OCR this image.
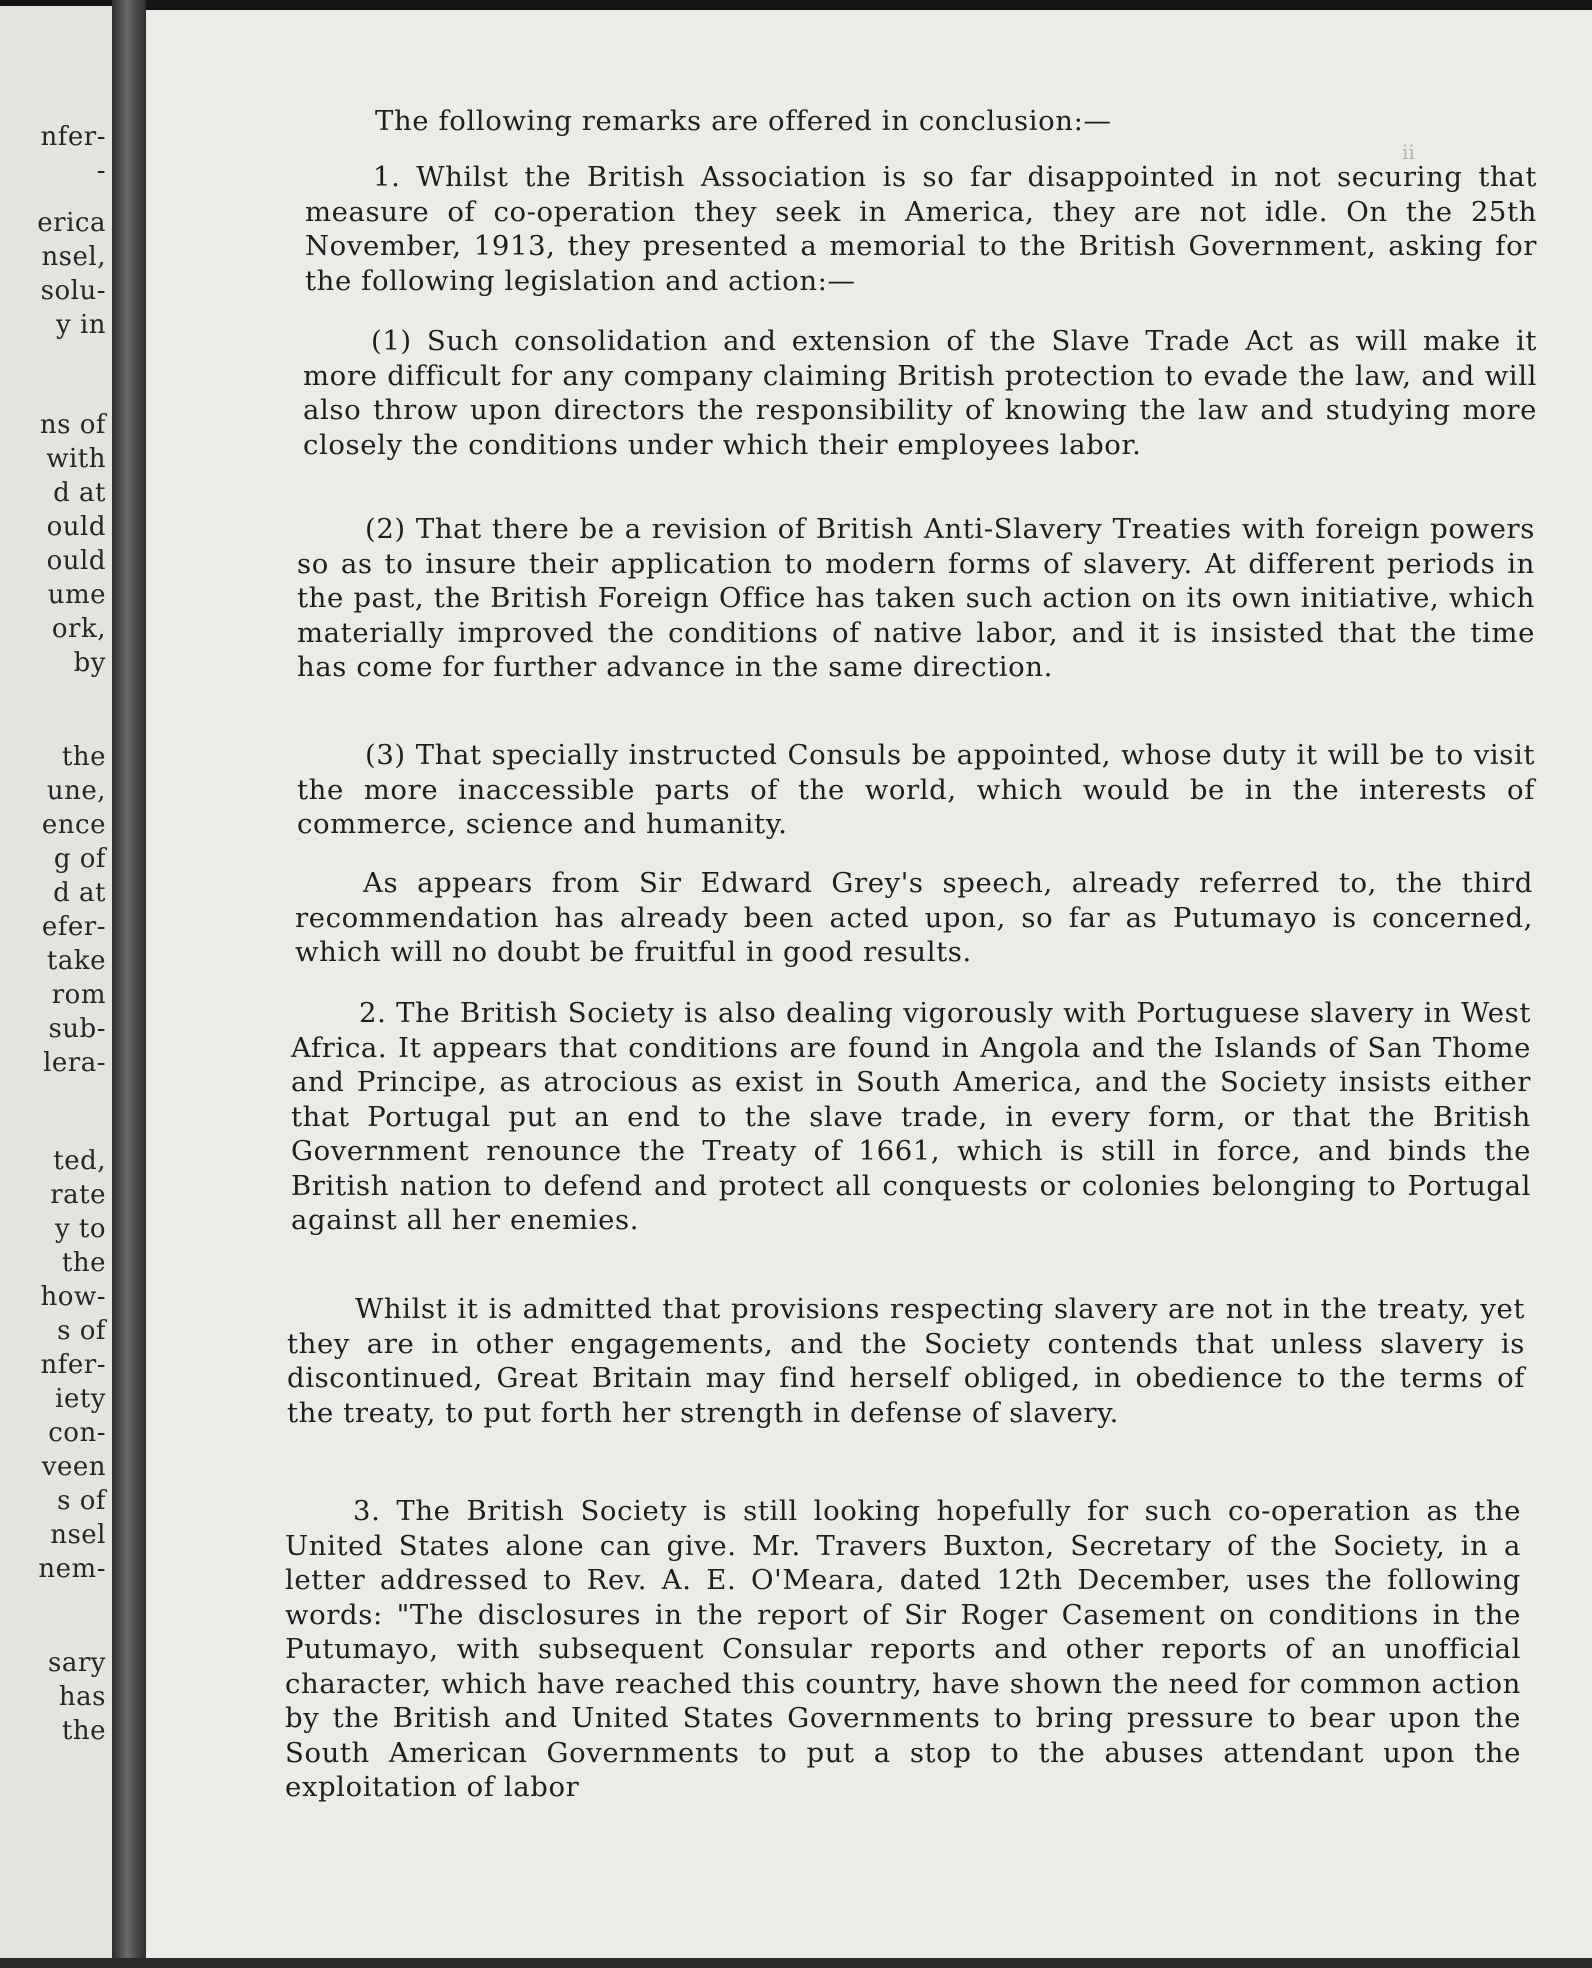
nfer-
-
erica
nsel,
solu-
y in
ns of
with
d at
ould
ould
ume
ork,
by
the
une,
ence
g of
d at
efer-
take
rom
sub-
lera-
ted,
rate
y to
the
how-
s of
nfer-
iety
con-
veen
s of
nsel
nem-
sary
has
the
ii

The following remarks are offered in conclusion:—

1. Whilst the British Association is so far disappointed in not securing that measure of co-operation they seek in America, they are not idle. On the 25th November, 1913, they presented a memorial to the British Government, asking for the following legislation and action:—

(1) Such consolidation and extension of the Slave Trade Act as will make it more difficult for any company claiming British protection to evade the law, and will also throw upon directors the responsibility of knowing the law and studying more closely the conditions under which their employees labor.

(2) That there be a revision of British Anti-Slavery Treaties with foreign powers so as to insure their application to modern forms of slavery. At different periods in the past, the British Foreign Office has taken such action on its own initiative, which materially improved the conditions of native labor, and it is insisted that the time has come for further advance in the same direction.

(3) That specially instructed Consuls be appointed, whose duty it will be to visit the more inaccessible parts of the world, which would be in the interests of commerce, science and humanity.

As appears from Sir Edward Grey's speech, already referred to, the third recommendation has already been acted upon, so far as Putumayo is concerned, which will no doubt be fruitful in good results.

2. The British Society is also dealing vigorously with Portuguese slavery in West Africa. It appears that conditions are found in Angola and the Islands of San Thome and Principe, as atrocious as exist in South America, and the Society insists either that Portugal put an end to the slave trade, in every form, or that the British Government renounce the Treaty of 1661, which is still in force, and binds the British nation to defend and protect all conquests or colonies belonging to Portugal against all her enemies.

Whilst it is admitted that provisions respecting slavery are not in the treaty, yet they are in other engagements, and the Society contends that unless slavery is discontinued, Great Britain may find herself obliged, in obedience to the terms of the treaty, to put forth her strength in defense of slavery.

3. The British Society is still looking hopefully for such co-operation as the United States alone can give. Mr. Travers Buxton, Secretary of the Society, in a letter addressed to Rev. A. E. O'Meara, dated 12th December, uses the following words: "The disclosures in the report of Sir Roger Casement on conditions in the Putumayo, with subsequent Consular reports and other reports of an unofficial character, which have reached this country, have shown the need for common action by the British and United States Governments to bring pressure to bear upon the South American Governments to put a stop to the abuses attendant upon the exploitation of labor
